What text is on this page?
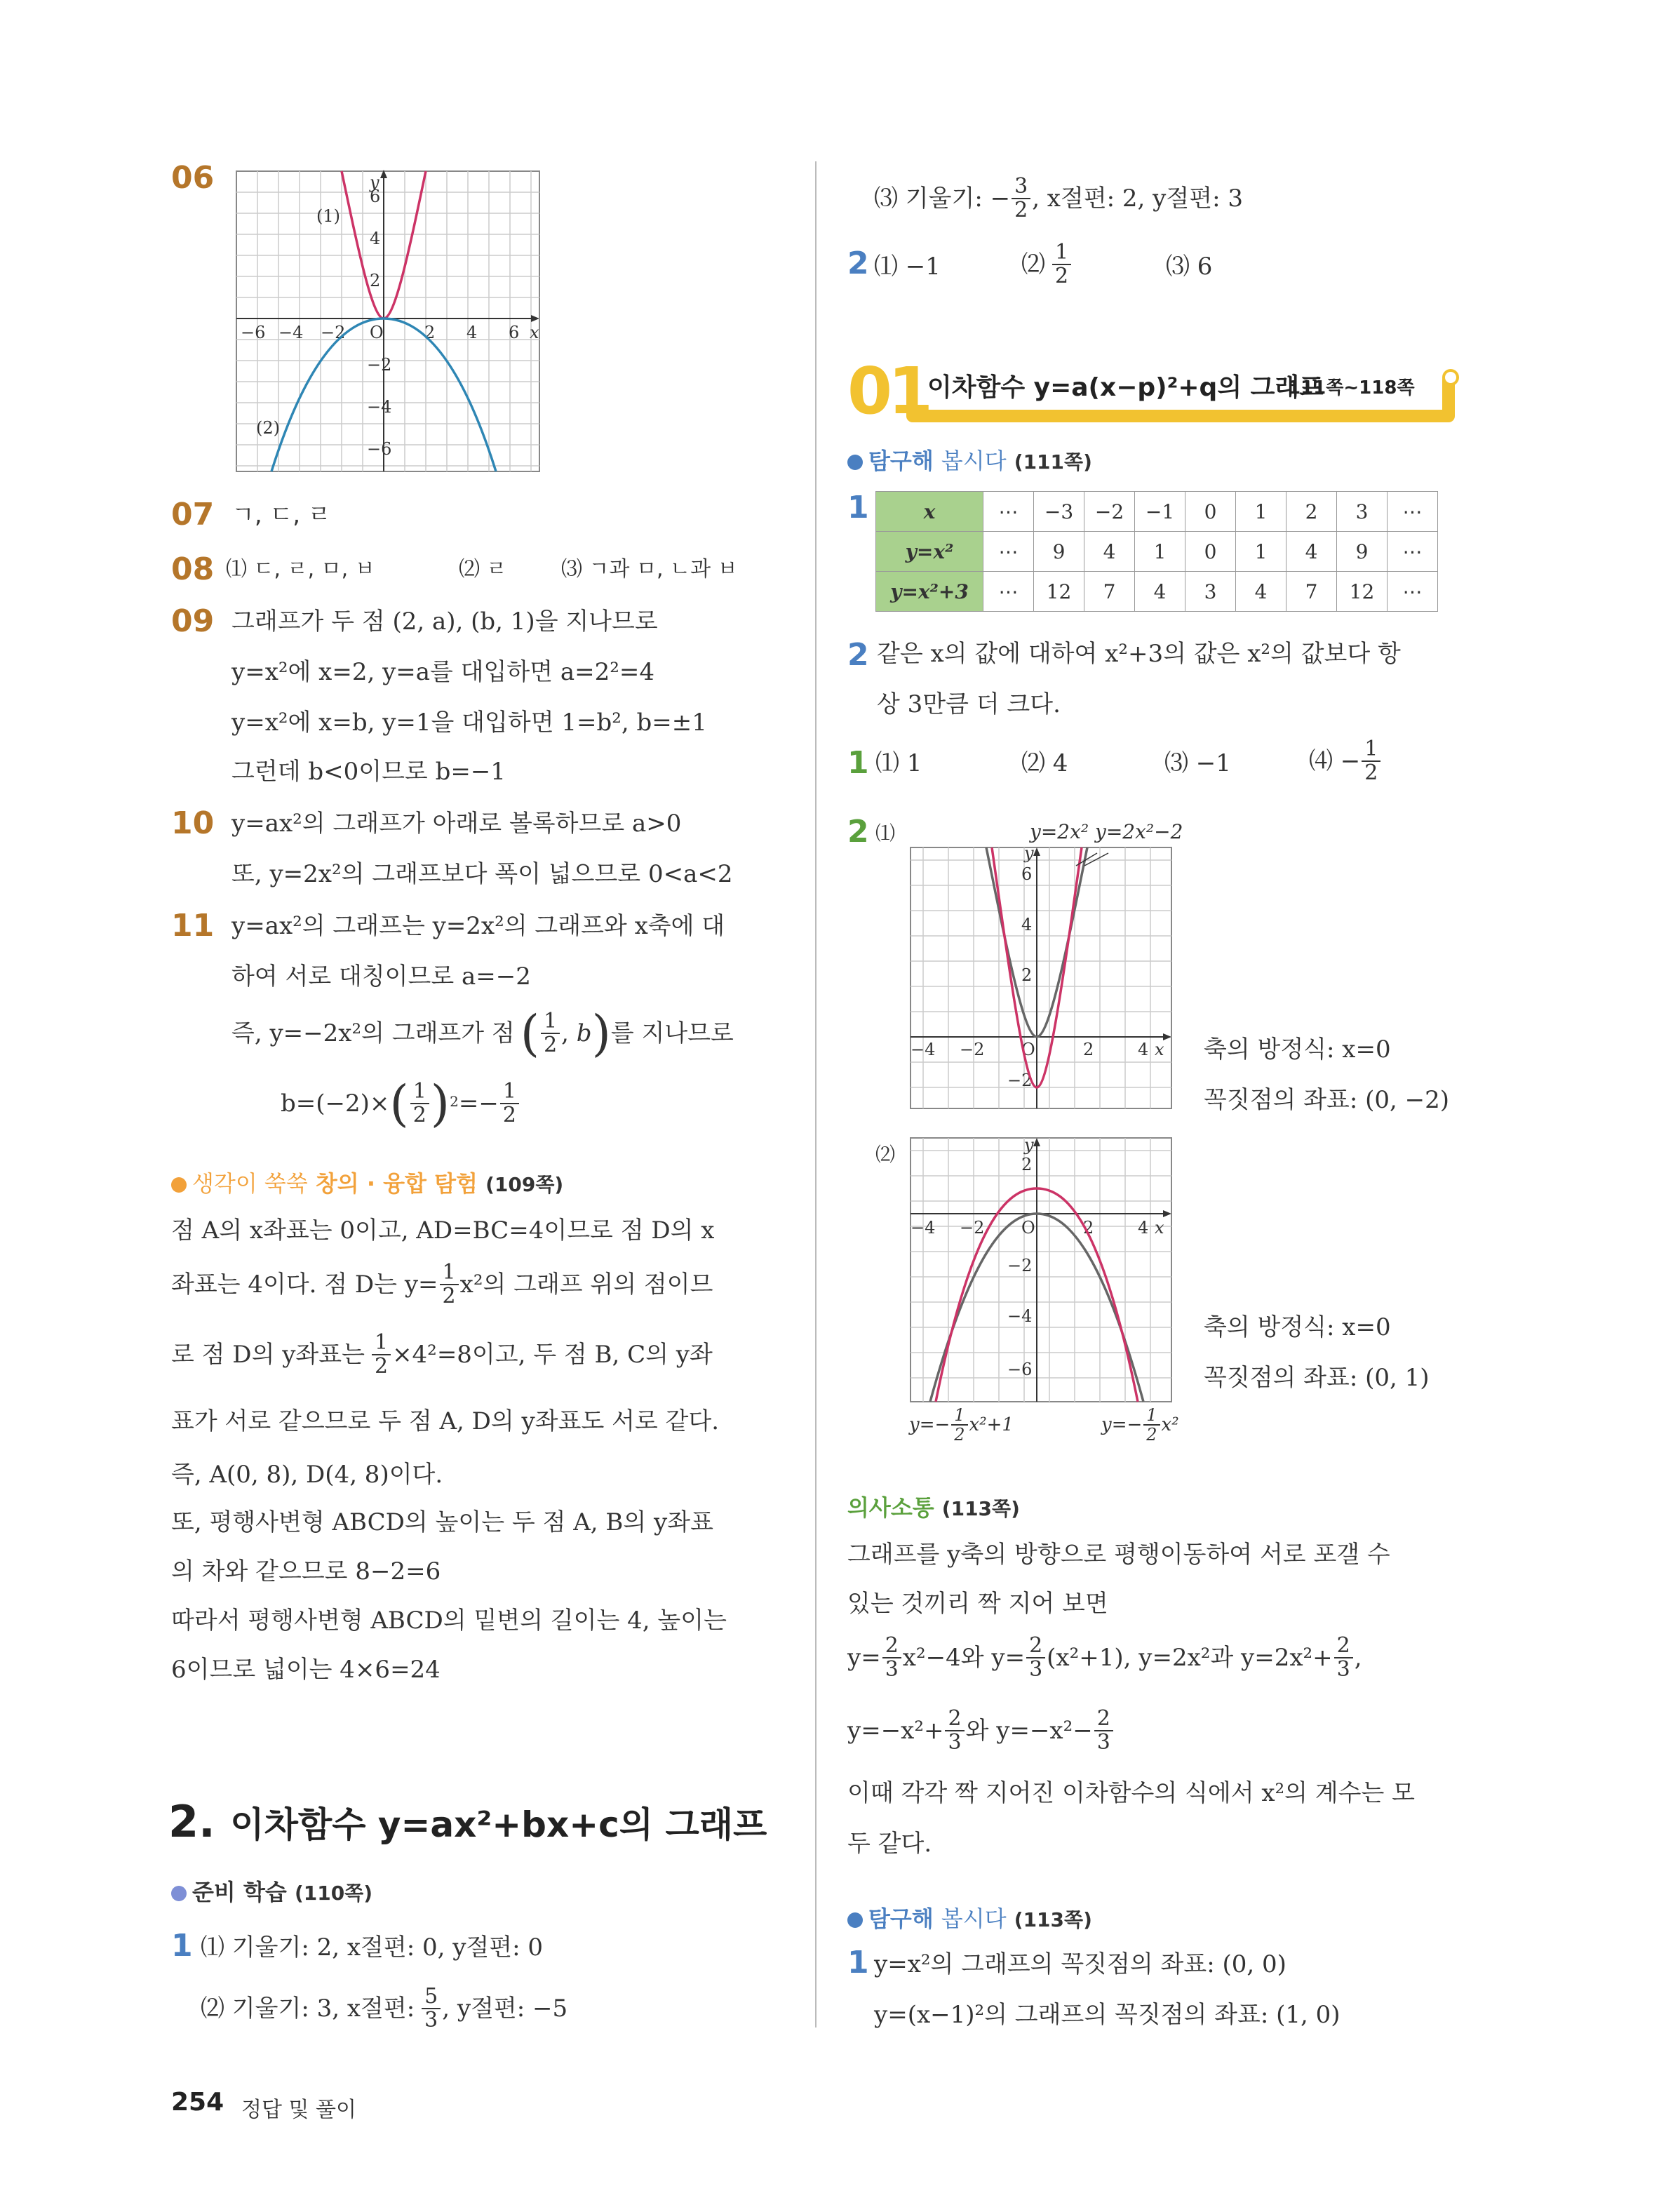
06
−6 −4 −2 O 2 4 6 x
y
6
4
2
−2
−4
−6
(1)
(2)
07 ㄱ, ㄷ, ㄹ
08 ⑴ ㄷ, ㄹ, ㅁ, ㅂ	⑵ ㄹ	⑶ ㄱ과 ㅁ, ㄴ과 ㅂ
09 그래프가 두 점 (2, a), (b, 1)을 지나므로
y=x²에 x=2, y=a를 대입하면 a=2²=4
y=x²에 x=b, y=1을 대입하면 1=b², b=±1
그런데 b<0이므로 b=−1
10 y=ax²의 그래프가 아래로 볼록하므로 a>0
또, y=2x²의 그래프보다 폭이 넓으므로 0<a<2
11 y=ax²의 그래프는 y=2x²의 그래프와 x축에 대
하여 서로 대칭이므로 a=−2
즉, y=−2x²의 그래프가 점 ( $\frac{1}{2}$ , b ) 를 지나므로
b=(−2)× ( $\frac{1}{2}$ ) $2 =- \frac{1}{2}$
생각이 쑥쑥 창의 · 융합 탐험 (109쪽)
점 A의 x좌표는 0이고, AD=BC=4이므로 점 D의 x
좌표는 4이다. 점 D는 $y= \frac{1}{2} x^2$의 그래프 위의 점이므
로 점 D의 y좌표는 $\frac{1}{2} \times 4^2=8$이고, 두 점 B, C의 y좌
표가 서로 같으므로 두 점 A, D의 y좌표도 서로 같다.
즉, A(0, 8), D(4, 8)이다.
또, 평행사변형 ABCD의 높이는 두 점 A, B의 y좌표
의 차와 같으므로 8−2=6
따라서 평행사변형 ABCD의 밑변의 길이는 4, 높이는
6이므로 넓이는 4×6=24
2. 이차함수 y=ax²+bx+c의 그래프
준비 학습 (110쪽)
1 ⑴ 기울기: 2, x절편: 0, y절편: 0
⑵ 기울기: 3, x절편: $\frac{5}{3}$ , y절편: −5
254 정답 및 풀이
⑶ 기울기: − $\frac{3}{2}$ , x절편: 2, y절편: 3
2 ⑴ −1	⑵ $\frac{1}{2}$	⑶ 6
01
이차함수 y=a(x−p)²+q의 그래프
111쪽~118쪽
탐구해 봅시다 (111쪽)
1	x	⋯	−3	−2	−1	0	1	2	3	⋯
y=x²	⋯	9	4	1	0	1	4	9	⋯
y=x²+3	⋯	12	7	4	3	4	7	12	⋯
2 같은 x의 값에 대하여 x²+3의 값은 x²의 값보다 항
상 3만큼 더 크다.
1 ⑴ 1	⑵ 4	⑶ −1	⑷ − $\frac{1}{2}$
2 ⑴	y=2x² y=2x²−2
−4 −2 O	2	4 x
y
6
4
2
−2
축의 방정식: x=0
꼭짓점의 좌표: (0, −2)
⑵
−4 −2 O	2	4 x
y
2
−2
−4
−6
$y=- \frac{1}{2} x^2+1$	$y=- \frac{1}{2} x^2$
축의 방정식: x=0
꼭짓점의 좌표: (0, 1)
의사소통 (113쪽)
그래프를 y축의 방향으로 평행이동하여 서로 포갤 수
있는 것끼리 짝 지어 보면
$y= \frac{2}{3} x^2-4$와 $y= \frac{2}{3} (x^2+1)$, y=2x²과 $y=2x^2+ \frac{2}{3}$ ,
$y=-x^2+ \frac{2}{3}$ 와 $y=-x^2- \frac{2}{3}$
이때 각각 짝 지어진 이차함수의 식에서 x²의 계수는 모
두 같다.
탐구해 봅시다 (113쪽)
1 y=x²의 그래프의 꼭짓점의 좌표: (0, 0)
y=(x−1)²의 그래프의 꼭짓점의 좌표: (1, 0)
